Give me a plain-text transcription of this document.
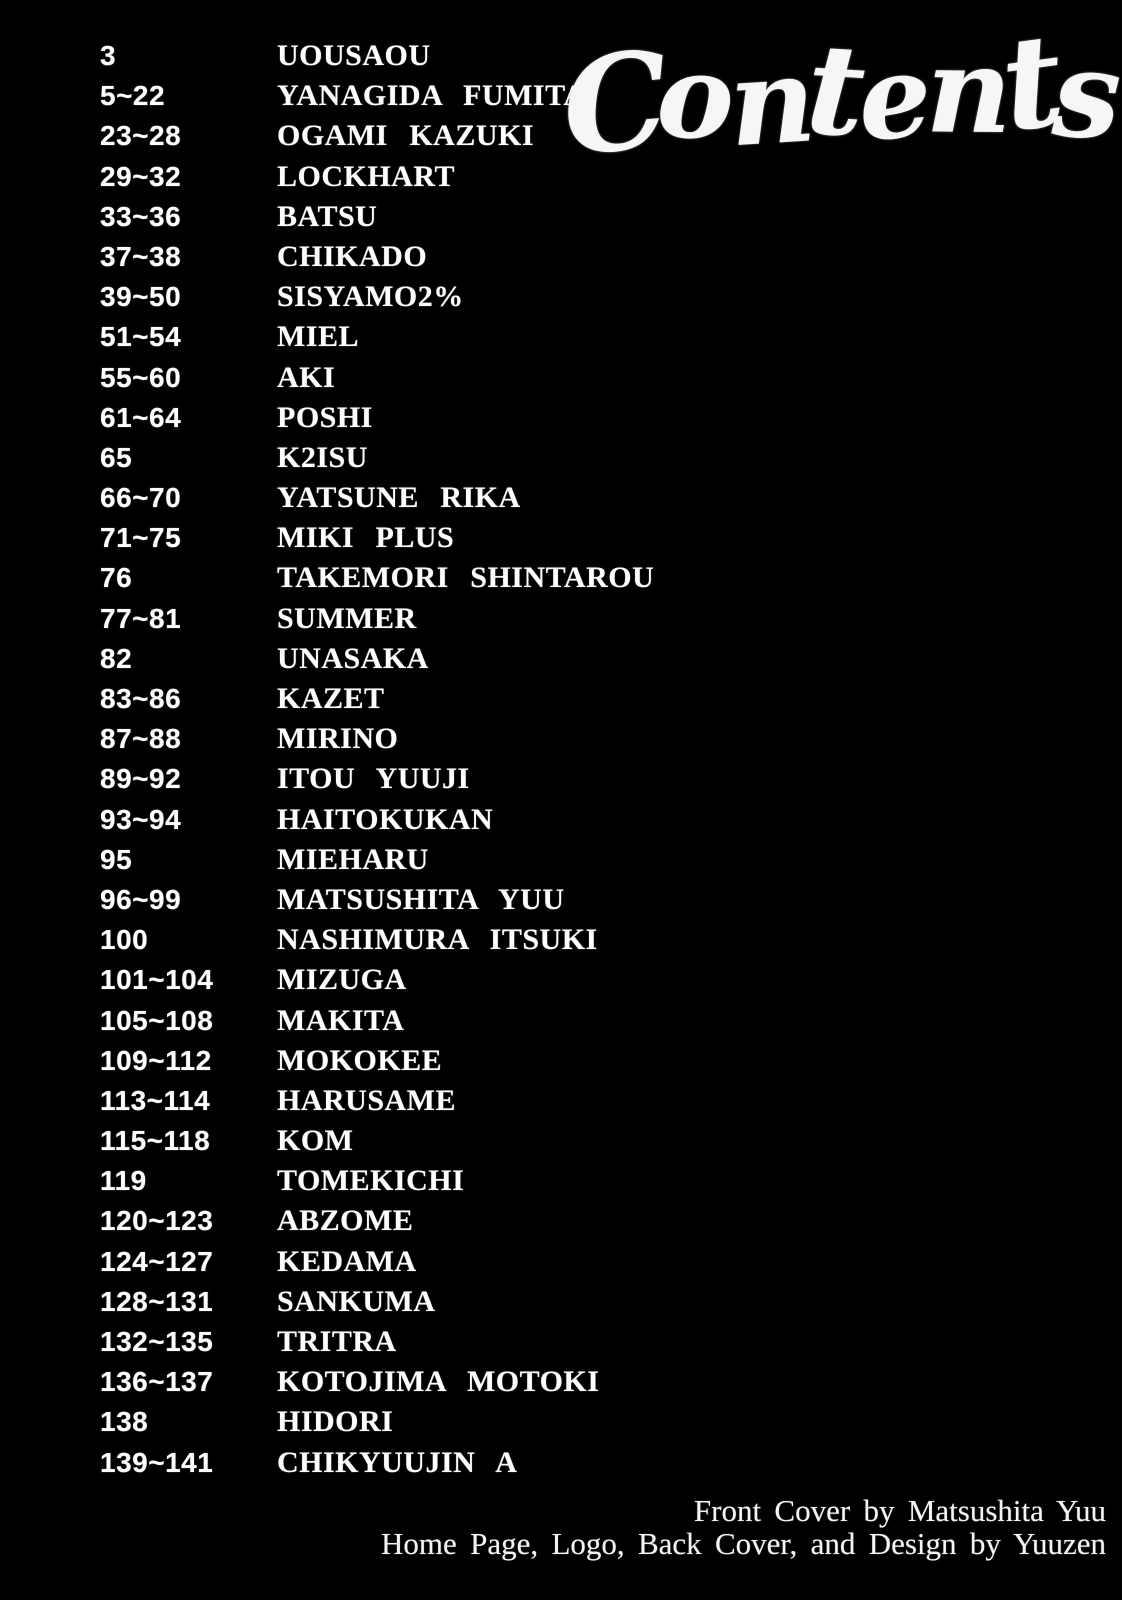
3	UOUSAOU
5~22	YANAGIDA FUMITA
23~28	OGAMI KAZUKI
29~32	LOCKHART
33~36	BATSU
37~38	CHIKADO
39~50	SISYAMO2%
51~54	MIEL
55~60	AKI
61~64	POSHI
65	K2ISU
66~70	YATSUNE RIKA
71~75	MIKI PLUS
76	TAKEMORI SHINTAROU
77~81	SUMMER
82	UNASAKA
83~86	KAZET
87~88	MIRINO
89~92	ITOU YUUJI
93~94	HAITOKUKAN
95	MIEHARU
96~99	MATSUSHITA YUU
100	NASHIMURA ITSUKI
101~104	MIZUGA
105~108	MAKITA
109~112	MOKOKEE
113~114	HARUSAME
115~118	KOM
119	TOMEKICHI
120~123	ABZOME
124~127	KEDAMA
128~131	SANKUMA
132~135	TRITRA
136~137	KOTOJIMA MOTOKI
138	HIDORI
139~141	CHIKYUUJIN A
Contents
Front Cover by Matsushita Yuu
Home Page, Logo, Back Cover, and Design by Yuuzen
